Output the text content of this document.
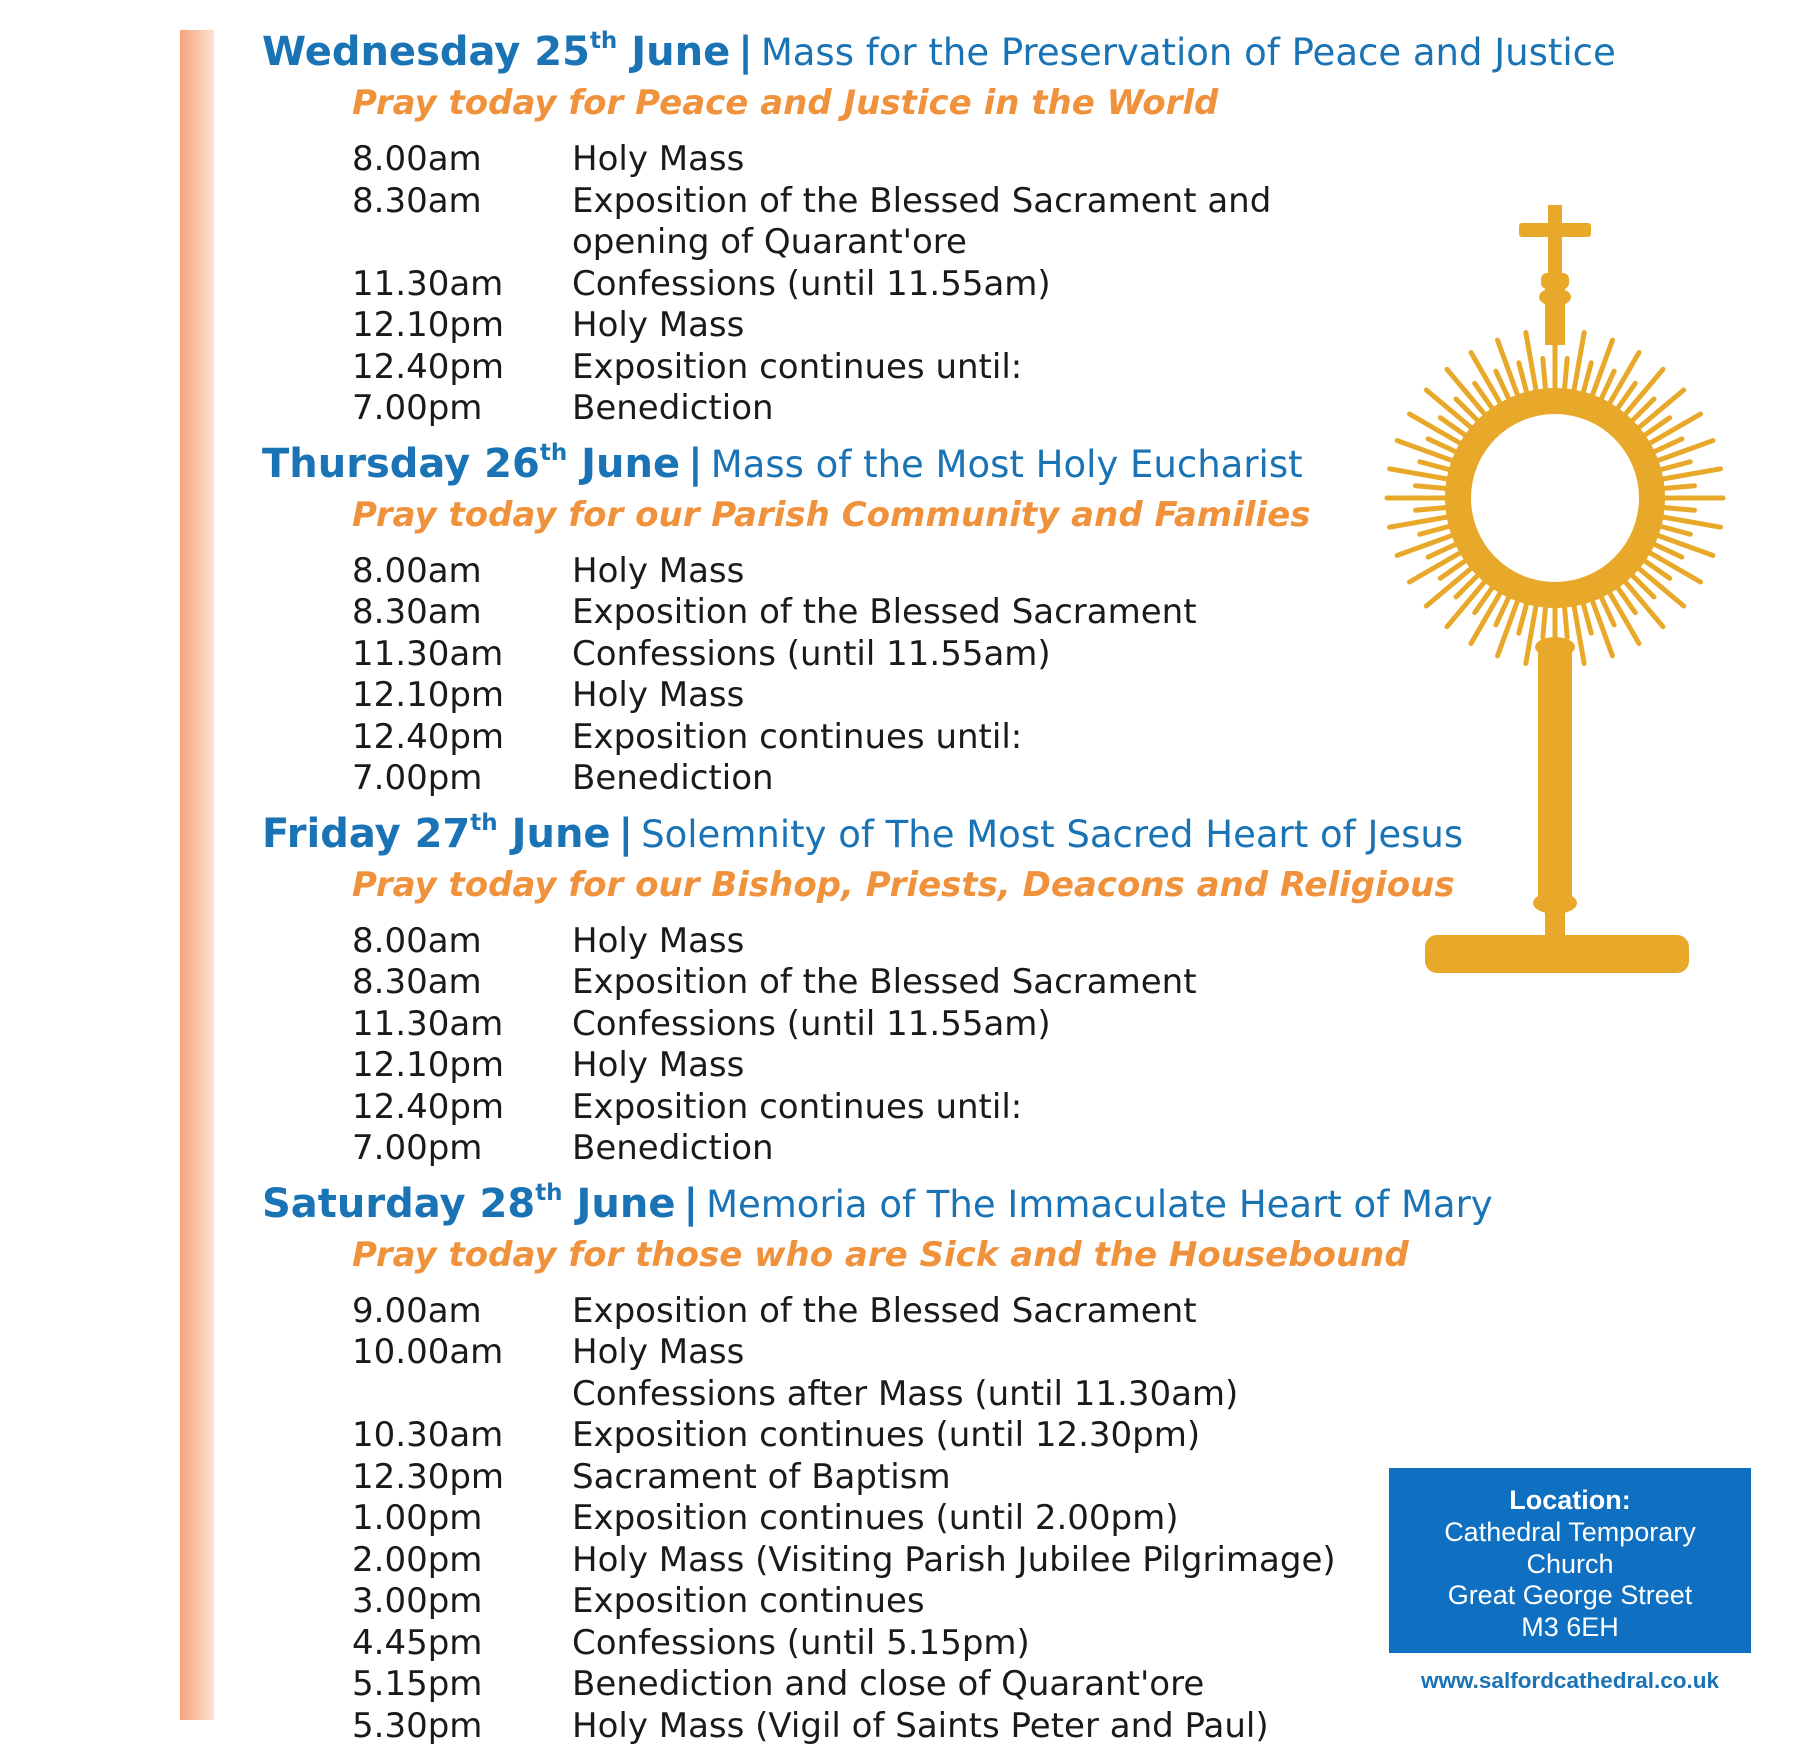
Wednesday 25th June | Mass for the Preservation of Peace and Justice
Pray today for Peace and Justice in the World
8.00am	Holy Mass
8.30am	Exposition of the Blessed Sacrament and
opening of Quarant'ore
11.30am	Confessions (until 11.55am)
12.10pm	Holy Mass
12.40pm	Exposition continues until:
7.00pm	Benediction
Thursday 26th June | Mass of the Most Holy Eucharist
Pray today for our Parish Community and Families
8.00am	Holy Mass
8.30am	Exposition of the Blessed Sacrament
11.30am	Confessions (until 11.55am)
12.10pm	Holy Mass
12.40pm	Exposition continues until:
7.00pm	Benediction
Friday 27th June | Solemnity of The Most Sacred Heart of Jesus
Pray today for our Bishop, Priests, Deacons and Religious
8.00am	Holy Mass
8.30am	Exposition of the Blessed Sacrament
11.30am	Confessions (until 11.55am)
12.10pm	Holy Mass
12.40pm	Exposition continues until:
7.00pm	Benediction
Saturday 28th June | Memoria of The Immaculate Heart of Mary
Pray today for those who are Sick and the Housebound
9.00am	Exposition of the Blessed Sacrament
10.00am	Holy Mass
Confessions after Mass (until 11.30am)
10.30am	Exposition continues (until 12.30pm)
12.30pm	Sacrament of Baptism
1.00pm	Exposition continues (until 2.00pm)
2.00pm	Holy Mass (Visiting Parish Jubilee Pilgrimage)
3.00pm	Exposition continues
4.45pm	Confessions (until 5.15pm)
5.15pm	Benediction and close of Quarant'ore
5.30pm	Holy Mass (Vigil of Saints Peter and Paul)
Location:
Cathedral Temporary
Church
Great George Street
M3 6EH
www.salfordcathedral.co.uk
